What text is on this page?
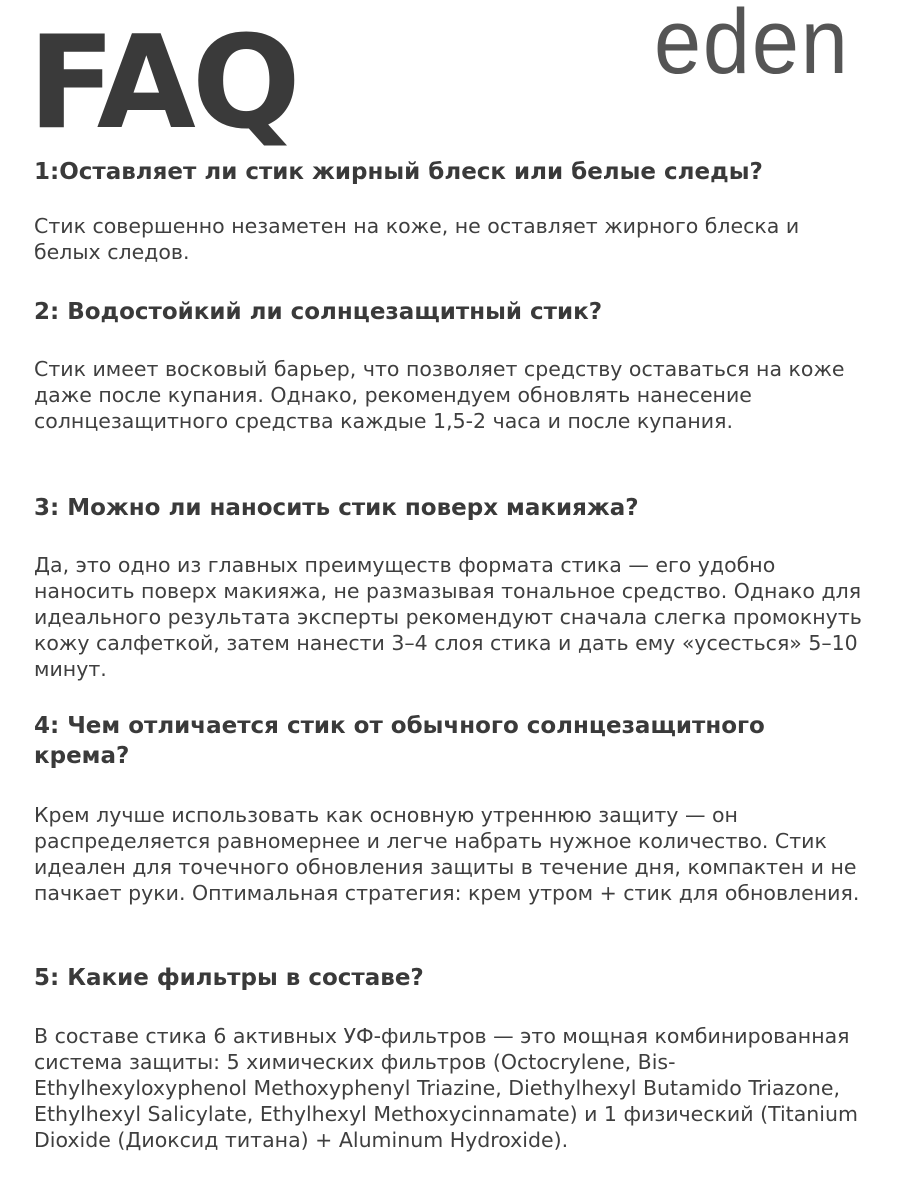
FAQ	eden
1:Оставляет ли стик жирный блеск или белые следы?

Стик совершенно незаметен на коже, не оставляет жирного блеска и белых следов.

2: Водостойкий ли солнцезащитный стик?

Стик имеет восковый барьер, что позволяет средству оставаться на коже даже после купания. Однако, рекомендуем обновлять нанесение солнцезащитного средства каждые 1,5-2 часа и после купания.

3: Можно ли наносить стик поверх макияжа?

Да, это одно из главных преимуществ формата стика — его удобно наносить поверх макияжа, не размазывая тональное средство. Однако для идеального результата эксперты рекомендуют сначала слегка промокнуть кожу салфеткой, затем нанести 3–4 слоя стика и дать ему «усесться» 5–10 минут.

4: Чем отличается стик от обычного солнцезащитного крема?

Крем лучше использовать как основную утреннюю защиту — он распределяется равномернее и легче набрать нужное количество. Стик идеален для точечного обновления защиты в течение дня, компактен и не пачкает руки. Оптимальная стратегия: крем утром + стик для обновления.

5: Какие фильтры в составе?

В составе стика 6 активных УФ-фильтров — это мощная комбинированная система защиты: 5 химических фильтров (Octocrylene, Bis-Ethylhexyloxyphenol Methoxyphenyl Triazine, Diethylhexyl Butamido Triazone, Ethylhexyl Salicylate, Ethylhexyl Methoxycinnamate) и 1 физический (Titanium Dioxide (Диоксид титана) + Aluminum Hydroxide).
